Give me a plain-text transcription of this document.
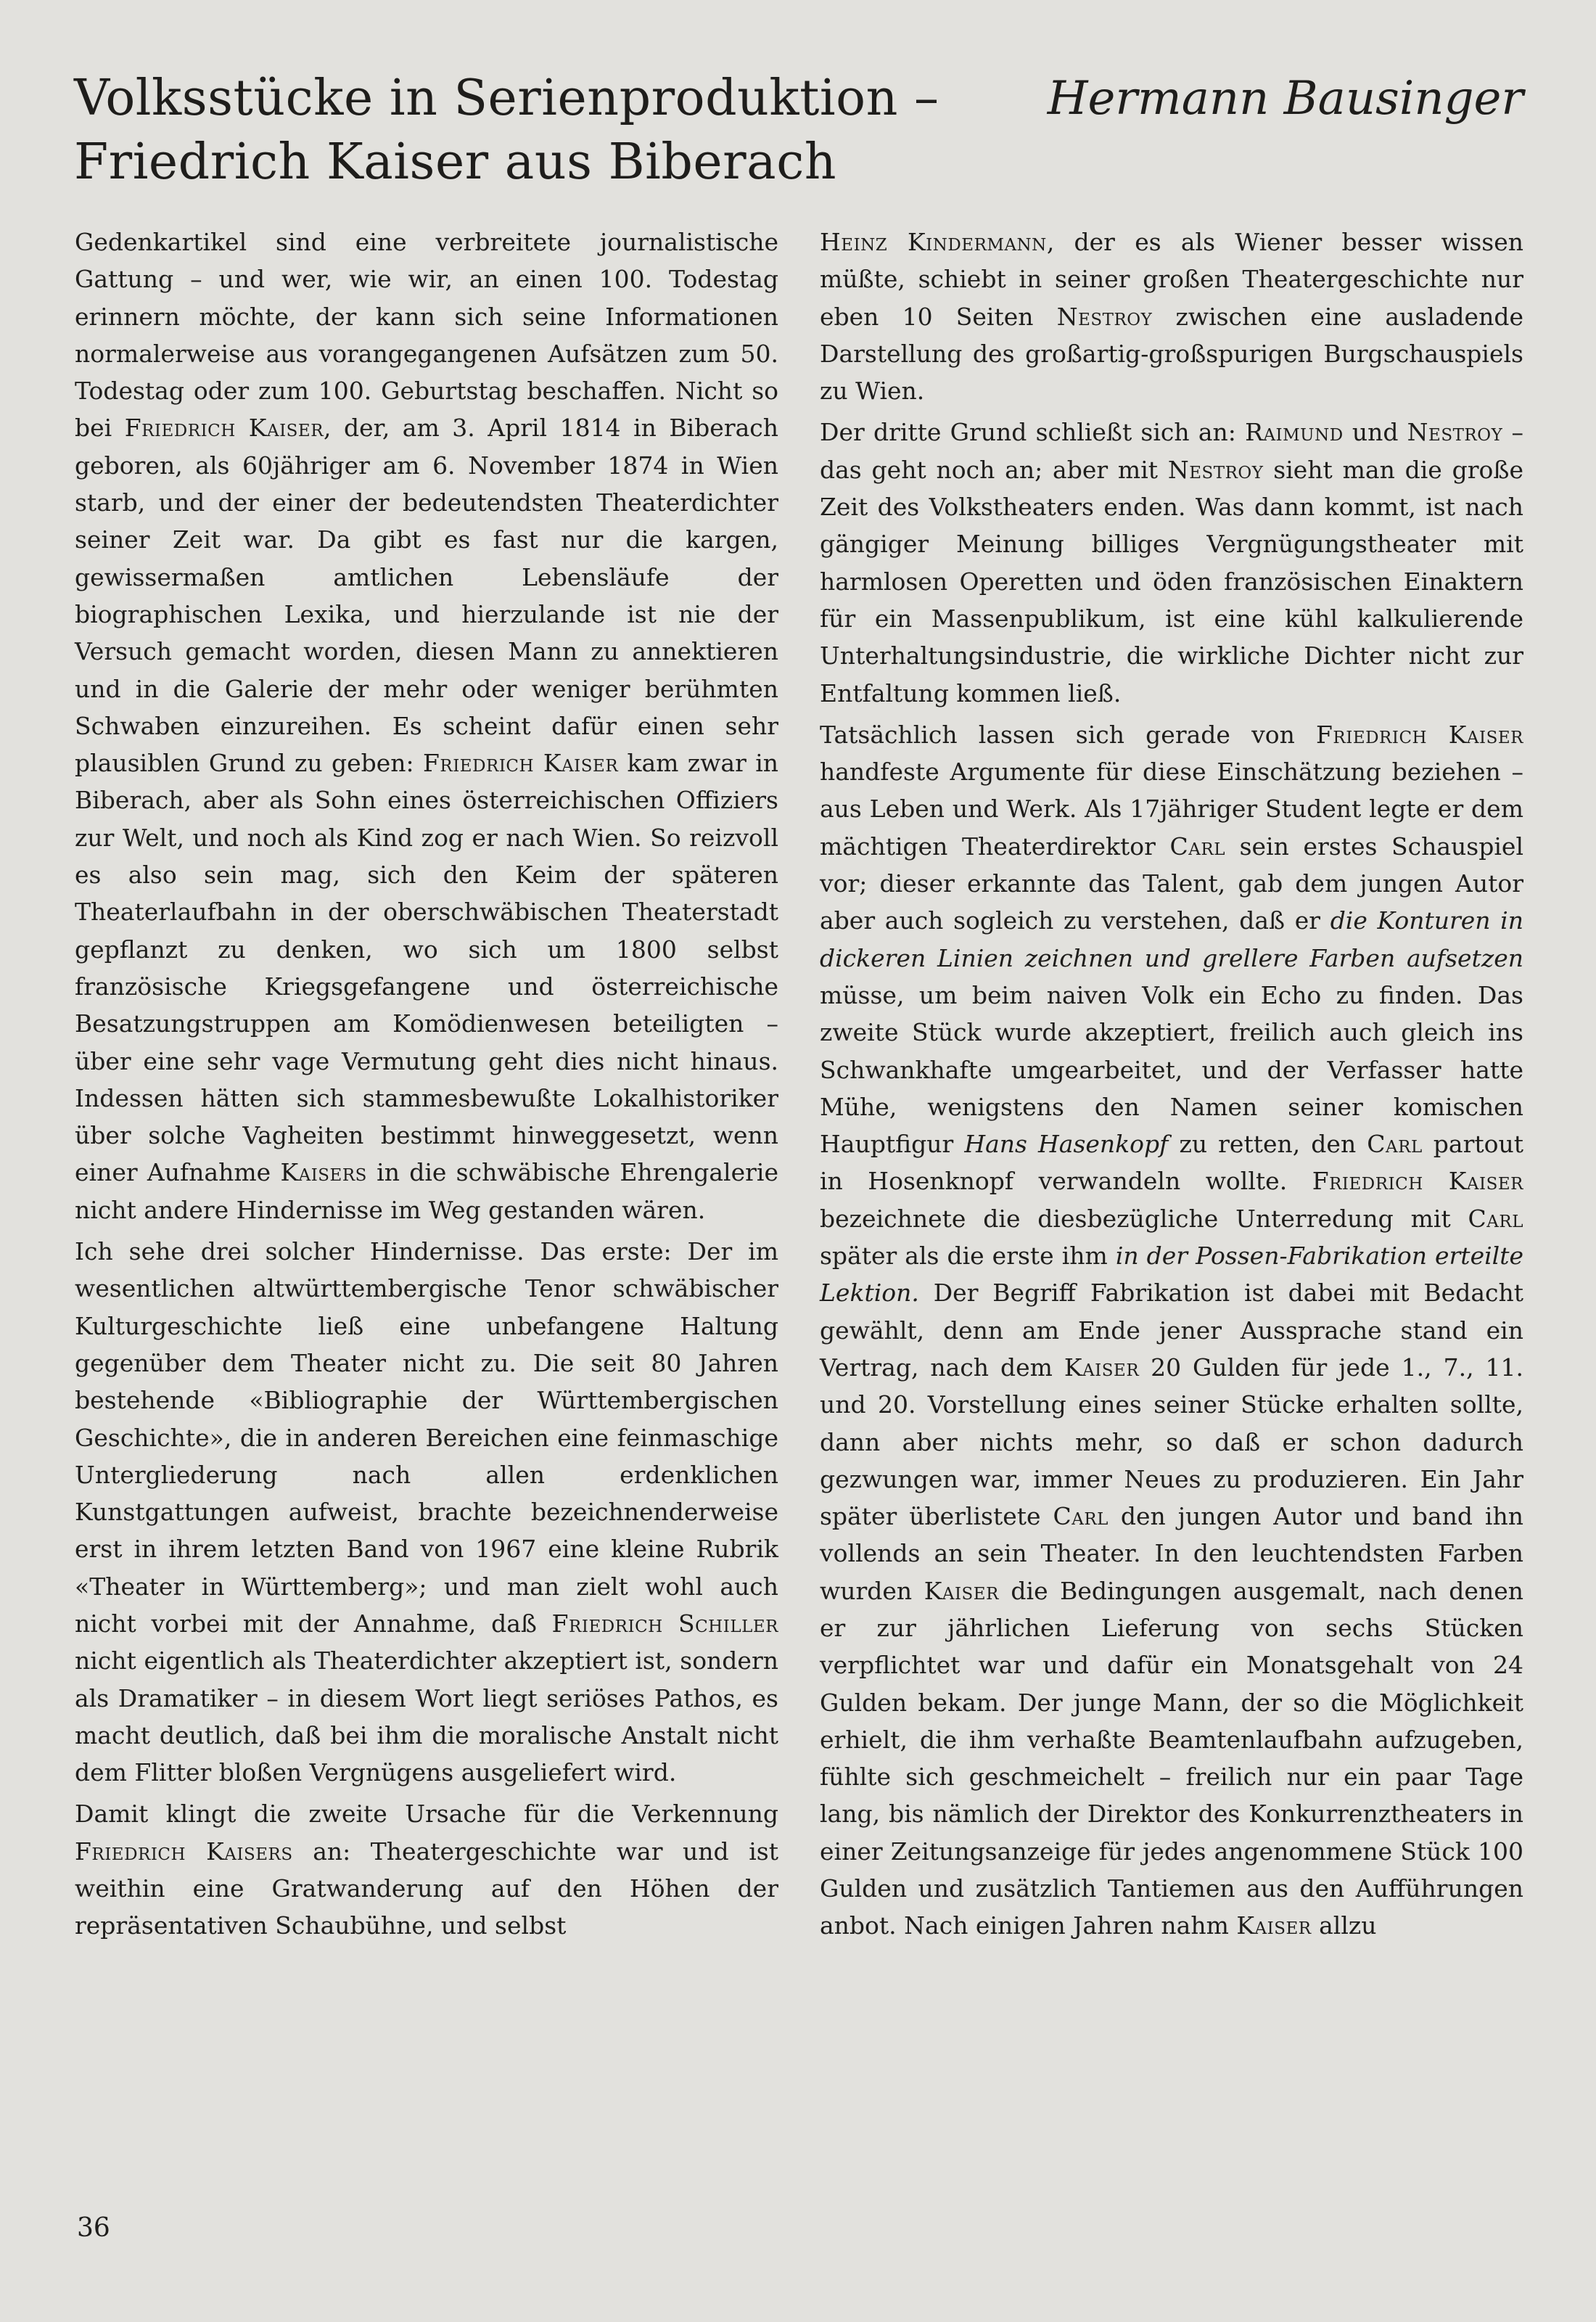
Volksstücke in Serienproduktion –
Friedrich Kaiser aus Biberach
Hermann Bausinger

Gedenkartikel sind eine verbreitete journalistische Gattung – und wer, wie wir, an einen 100. Todestag erinnern möchte, der kann sich seine Informationen normalerweise aus vorangegangenen Aufsätzen zum 50. Todestag oder zum 100. Geburtstag beschaffen. Nicht so bei Friedrich Kaiser, der, am 3. April 1814 in Biberach geboren, als 60jähriger am 6. November 1874 in Wien starb, und der einer der bedeutendsten Theaterdichter seiner Zeit war. Da gibt es fast nur die kargen, gewissermaßen amtlichen Lebensläufe der biographischen Lexika, und hierzulande ist nie der Versuch gemacht worden, diesen Mann zu annektieren und in die Galerie der mehr oder weniger berühmten Schwaben einzureihen. Es scheint dafür einen sehr plausiblen Grund zu geben: Friedrich Kaiser kam zwar in Biberach, aber als Sohn eines österreichischen Offiziers zur Welt, und noch als Kind zog er nach Wien. So reizvoll es also sein mag, sich den Keim der späteren Theaterlaufbahn in der oberschwäbischen Theaterstadt gepflanzt zu denken, wo sich um 1800 selbst französische Kriegsgefangene und österreichische Besatzungstruppen am Komödienwesen beteiligten – über eine sehr vage Vermutung geht dies nicht hinaus. Indessen hätten sich stammesbewußte Lokalhistoriker über solche Vagheiten bestimmt hinweggesetzt, wenn einer Aufnahme Kaisers in die schwäbische Ehrengalerie nicht andere Hindernisse im Weg gestanden wären.

Ich sehe drei solcher Hindernisse. Das erste: Der im wesentlichen altwürttembergische Tenor schwäbischer Kulturgeschichte ließ eine unbefangene Haltung gegenüber dem Theater nicht zu. Die seit 80 Jahren bestehende «Bibliographie der Württembergischen Geschichte», die in anderen Bereichen eine feinmaschige Untergliederung nach allen erdenklichen Kunstgattungen aufweist, brachte bezeichnenderweise erst in ihrem letzten Band von 1967 eine kleine Rubrik «Theater in Württemberg»; und man zielt wohl auch nicht vorbei mit der Annahme, daß Friedrich Schiller nicht eigentlich als Theaterdichter akzeptiert ist, sondern als Dramatiker – in diesem Wort liegt seriöses Pathos, es macht deutlich, daß bei ihm die moralische Anstalt nicht dem Flitter bloßen Vergnügens ausgeliefert wird.

Damit klingt die zweite Ursache für die Verkennung Friedrich Kaisers an: Theatergeschichte war und ist weithin eine Gratwanderung auf den Höhen der repräsentativen Schaubühne, und selbst

Heinz Kindermann, der es als Wiener besser wissen müßte, schiebt in seiner großen Theatergeschichte nur eben 10 Seiten Nestroy zwischen eine ausladende Darstellung des großartig-großspurigen Burgschauspiels zu Wien.

Der dritte Grund schließt sich an: Raimund und Nestroy – das geht noch an; aber mit Nestroy sieht man die große Zeit des Volkstheaters enden. Was dann kommt, ist nach gängiger Meinung billiges Vergnügungstheater mit harmlosen Operetten und öden französischen Einaktern für ein Massenpublikum, ist eine kühl kalkulierende Unterhaltungsindustrie, die wirkliche Dichter nicht zur Entfaltung kommen ließ.

Tatsächlich lassen sich gerade von Friedrich Kaiser handfeste Argumente für diese Einschätzung beziehen – aus Leben und Werk. Als 17jähriger Student legte er dem mächtigen Theaterdirektor Carl sein erstes Schauspiel vor; dieser erkannte das Talent, gab dem jungen Autor aber auch sogleich zu verstehen, daß er die Konturen in dickeren Linien zeichnen und grellere Farben aufsetzen müsse, um beim naiven Volk ein Echo zu finden. Das zweite Stück wurde akzeptiert, freilich auch gleich ins Schwankhafte umgearbeitet, und der Verfasser hatte Mühe, wenigstens den Namen seiner komischen Hauptfigur Hans Hasenkopf zu retten, den Carl partout in Hosenknopf verwandeln wollte. Friedrich Kaiser bezeichnete die diesbezügliche Unterredung mit Carl später als die erste ihm in der Possen-Fabrikation erteilte Lektion. Der Begriff Fabrikation ist dabei mit Bedacht gewählt, denn am Ende jener Aussprache stand ein Vertrag, nach dem Kaiser 20 Gulden für jede 1., 7., 11. und 20. Vorstellung eines seiner Stücke erhalten sollte, dann aber nichts mehr, so daß er schon dadurch gezwungen war, immer Neues zu produzieren. Ein Jahr später überlistete Carl den jungen Autor und band ihn vollends an sein Theater. In den leuchtendsten Farben wurden Kaiser die Bedingungen ausgemalt, nach denen er zur jährlichen Lieferung von sechs Stücken verpflichtet war und dafür ein Monatsgehalt von 24 Gulden bekam. Der junge Mann, der so die Möglichkeit erhielt, die ihm verhaßte Beamtenlaufbahn aufzugeben, fühlte sich geschmeichelt – freilich nur ein paar Tage lang, bis nämlich der Direktor des Konkurrenztheaters in einer Zeitungsanzeige für jedes angenommene Stück 100 Gulden und zusätzlich Tantiemen aus den Aufführungen anbot. Nach einigen Jahren nahm Kaiser allzu

36
